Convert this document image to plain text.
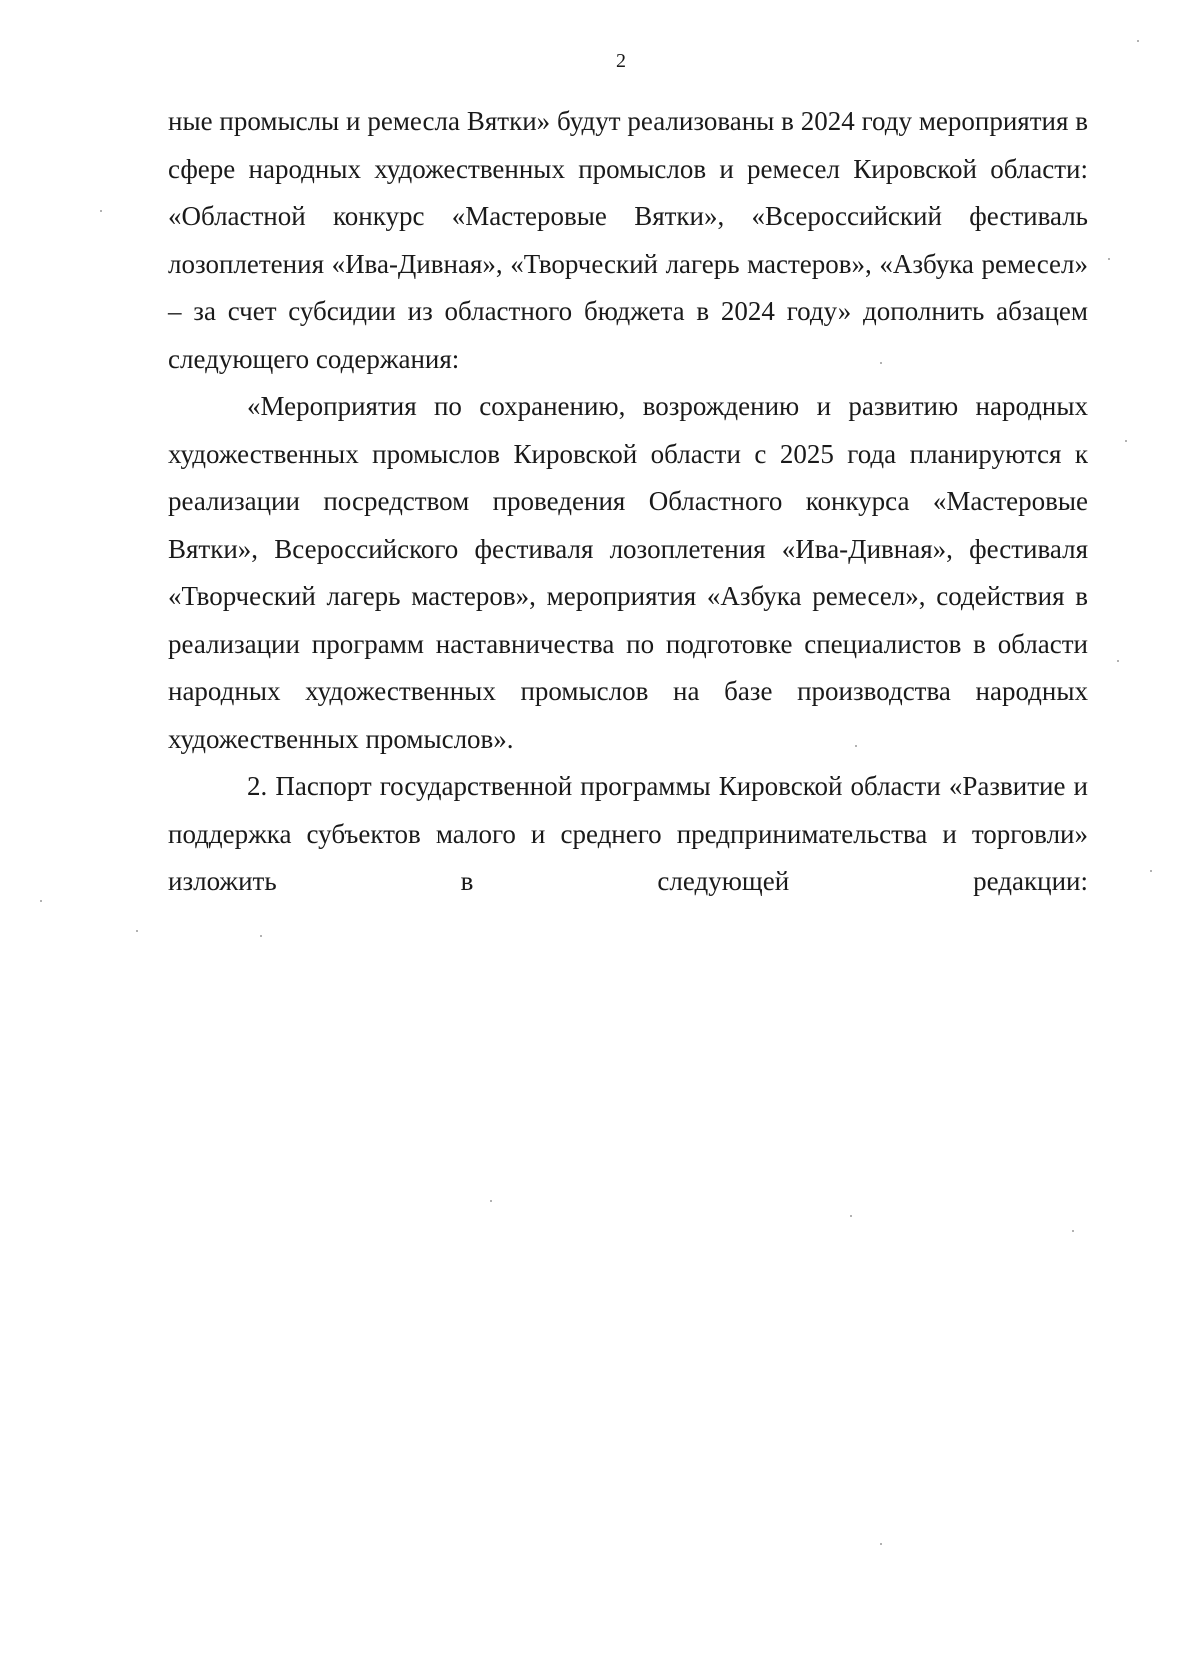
2

ные промыслы и ремесла Вятки» будут реализованы в 2024 году мероприятия в сфере народных художественных промыслов и ремесел Кировской области: «Областной конкурс «Мастеровые Вятки», «Всероссийский фестиваль лозоплетения «Ива-Дивная», «Творческий лагерь мастеров», «Азбука ремесел» – за счет субсидии из областного бюджета в 2024 году» дополнить абзацем следующего содержания:

«Мероприятия по сохранению, возрождению и развитию народных художественных промыслов Кировской области с 2025 года планируются к реализации посредством проведения Областного конкурса «Мастеровые Вятки», Всероссийского фестиваля лозоплетения «Ива-Дивная», фестиваля «Творческий лагерь мастеров», мероприятия «Азбука ремесел», содействия в реализации программ наставничества по подготовке специалистов в области народных художественных промыслов на базе производства народных художественных промыслов».

2. Паспорт государственной программы Кировской области «Развитие и поддержка субъектов малого и среднего предпринимательства и торговли» изложить в следующей редакции:
